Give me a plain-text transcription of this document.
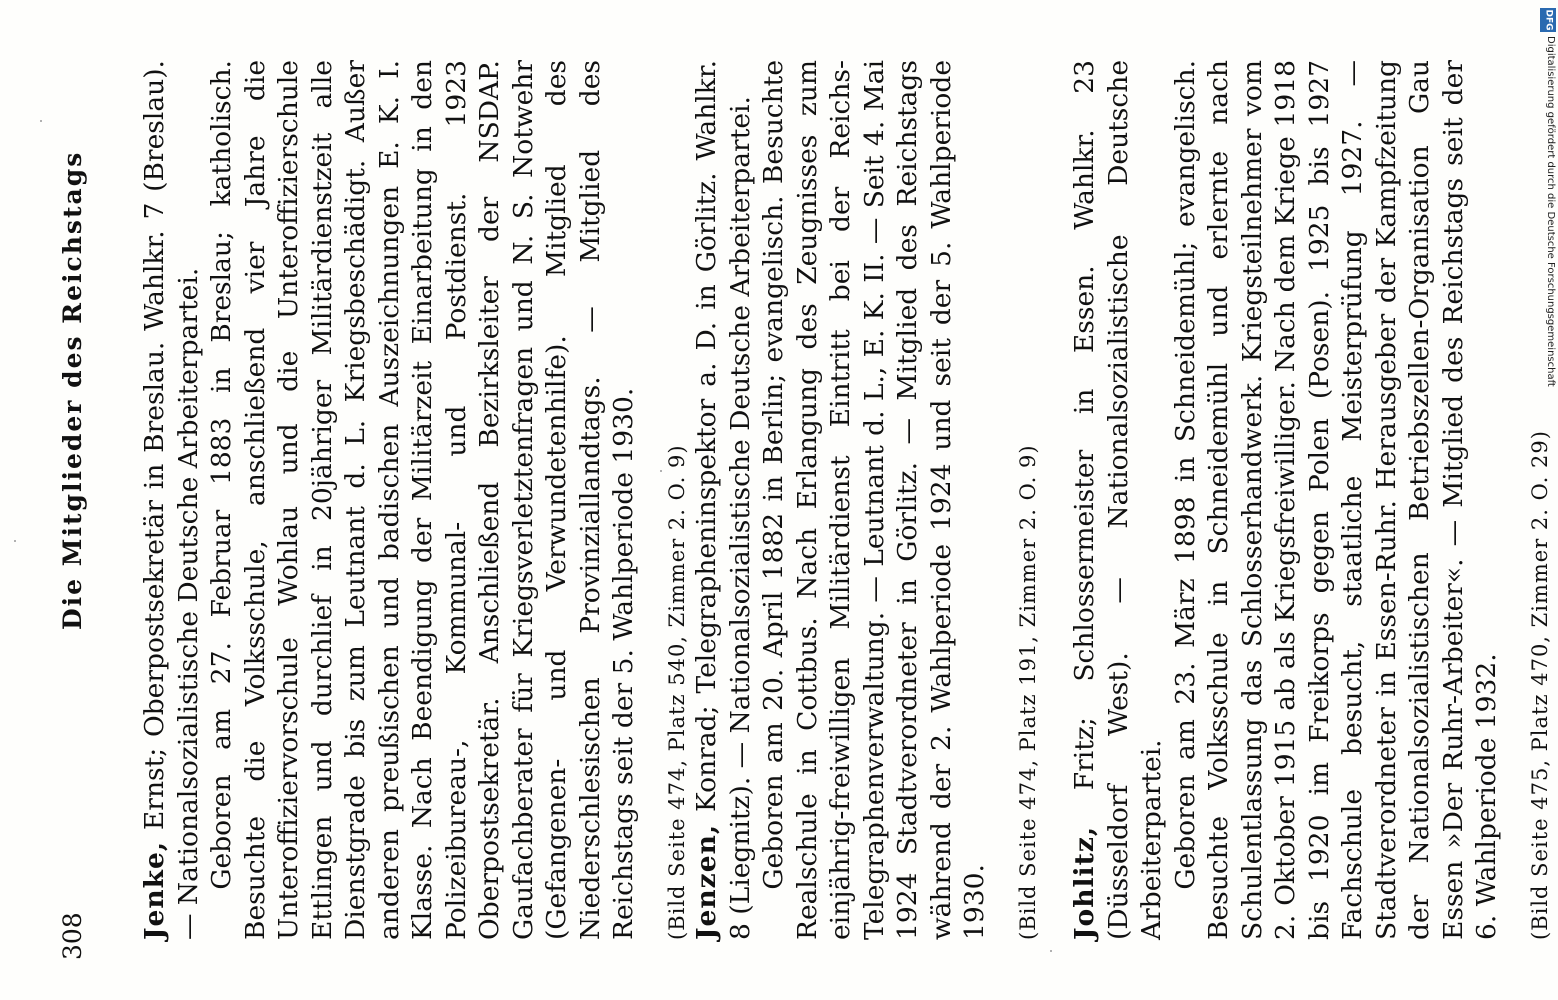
308
Die Mitglieder des Reichstags

Jenke, Ernst; Oberpostsekretär in Breslau. Wahlkr. 7 (Breslau). — Nationalsozialistische Deutsche Arbeiterpartei. Geboren am 27. Februar 1883 in Breslau; katholisch. Besuchte die Volksschule, anschließend vier Jahre die Unteroffiziervorschule Wohlau und die Unteroffizierschule Ettlingen und durchlief in 20jähriger Militärdienstzeit alle Dienstgrade bis zum Leutnant d. L. Kriegsbeschädigt. Außer anderen preußischen und badischen Auszeichnungen E. K. I. Klasse. Nach Beendigung der Militärzeit Einarbeitung in den Polizeibureau-, Kommunal- und Postdienst. 1923 Oberpostsekretär. Anschließend Bezirksleiter der NSDAP. Gaufachberater für Kriegsverletztenfragen und N. S. Notwehr (Gefangenen- und Verwundetenhilfe). Mitglied des Niederschlesischen Provinziallandtags. — Mitglied des Reichstags seit der 5. Wahlperiode 1930. (Bild Seite 474, Platz 540, Zimmer 2. O. 9) Jenzen, Konrad; Telegrapheninspektor a. D. in Görlitz. Wahlkr. 8 (Liegnitz). — Nationalsozialistische Deutsche Arbeiterpartei. Geboren am 20. April 1882 in Berlin; evangelisch. Besuchte Realschule in Cottbus. Nach Erlangung des Zeugnisses zum einjährig-freiwilligen Militärdienst Eintritt bei der Reichs-Telegraphenverwaltung. — Leutnant d. L., E. K. II. — Seit 4. Mai 1924 Stadtverordneter in Görlitz. — Mitglied des Reichstags während der 2. Wahlperiode 1924 und seit der 5. Wahlperiode 1930. (Bild Seite 474, Platz 191, Zimmer 2. O. 9) Johlitz, Fritz; Schlossermeister in Essen. Wahlkr. 23 (Düsseldorf West). — Nationalsozialistische Deutsche Arbeiterpartei. Geboren am 23. März 1898 in Schneidemühl; evangelisch. Besuchte Volksschule in Schneidemühl und erlernte nach Schulentlassung das Schlosserhandwerk. Kriegsteilnehmer vom 2. Oktober 1915 ab als Kriegsfreiwilliger. Nach dem Kriege 1918 bis 1920 im Freikorps gegen Polen (Posen). 1925 bis 1927 Fachschule besucht, staatliche Meisterprüfung 1927. — Stadtverordneter in Essen-Ruhr. Herausgeber der Kampfzeitung der Nationalsozialistischen Betriebszellen-Organisation Gau Essen »Der Ruhr-Arbeiter«. — Mitglied des Reichstags seit der 6. Wahlperiode 1932. (Bild Seite 475, Platz 470, Zimmer 2. O. 29)

DFG
Digitalisierung gefördert durch die Deutsche Forschungsgemeinschaft
